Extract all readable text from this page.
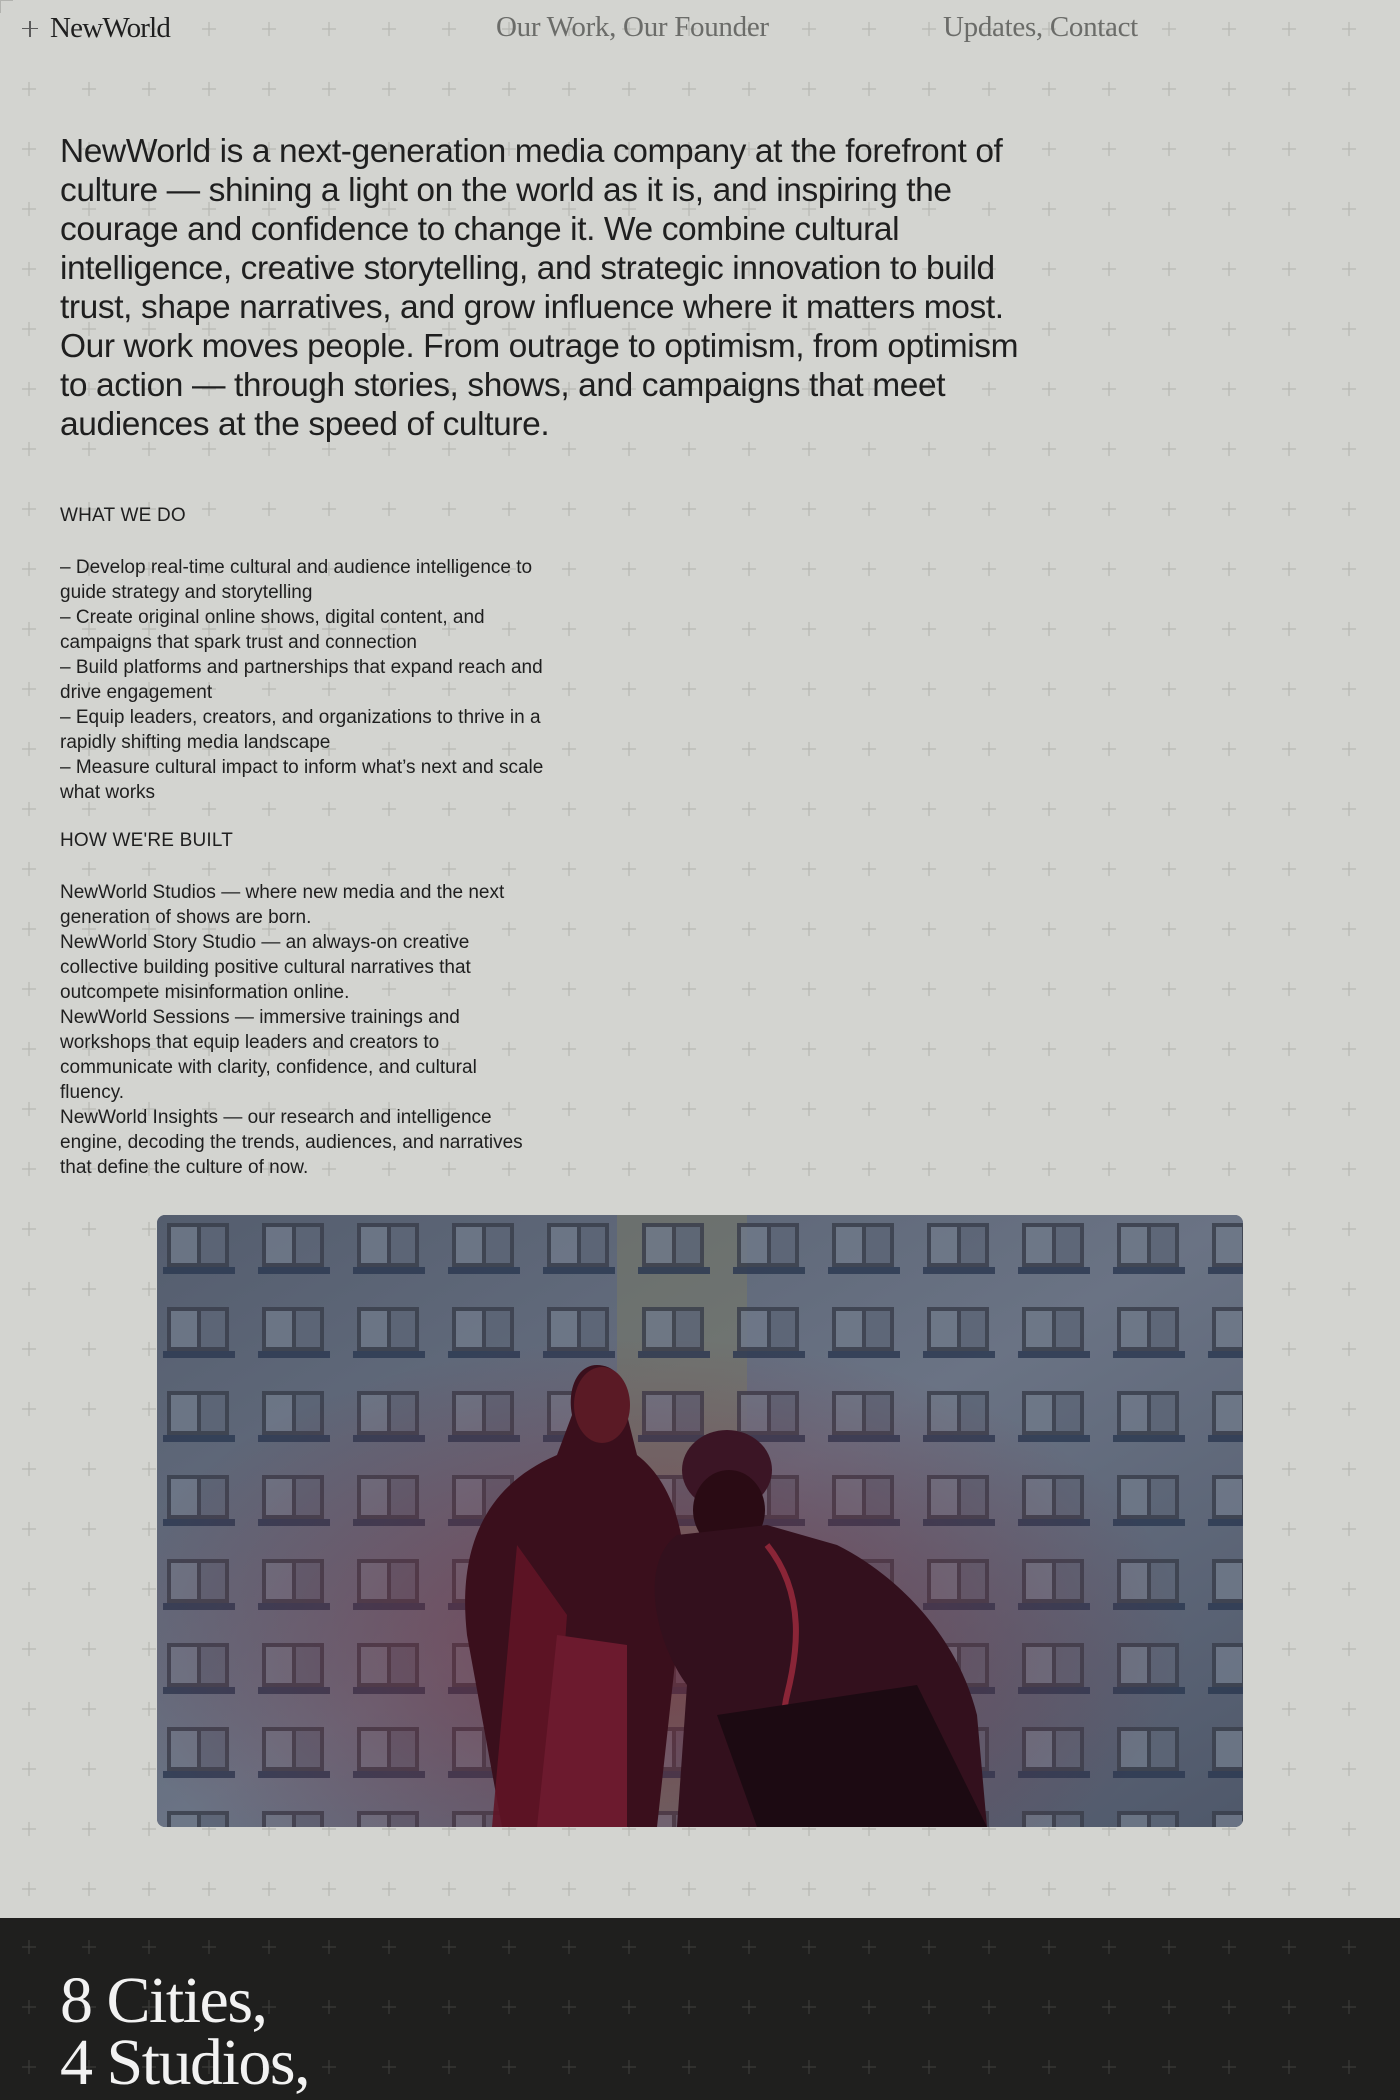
NewWorld	Our Work, Our Founder	Updates, Contact

NewWorld is a next-generation media company at the forefront of culture — shining a light on the world as it is, and inspiring the courage and confidence to change it. We combine cultural intelligence, creative storytelling, and strategic innovation to build trust, shape narratives, and grow influence where it matters most. Our work moves people. From outrage to optimism, from optimism to action — through stories, shows, and campaigns that meet audiences at the speed of culture.

WHAT WE DO
– Develop real-time cultural and audience intelligence to guide strategy and storytelling
– Create original online shows, digital content, and campaigns that spark trust and connection
– Build platforms and partnerships that expand reach and drive engagement
– Equip leaders, creators, and organizations to thrive in a rapidly shifting media landscape
– Measure cultural impact to inform what’s next and scale what works
HOW WE'RE BUILT
NewWorld Studios — where new media and the next generation of shows are born.
NewWorld Story Studio — an always-on creative collective building positive cultural narratives that outcompete misinformation online.
NewWorld Sessions — immersive trainings and workshops that equip leaders and creators to communicate with clarity, confidence, and cultural fluency.
NewWorld Insights — our research and intelligence engine, decoding the trends, audiences, and narratives that define the culture of now.
8 Cities,
4 Studios,
